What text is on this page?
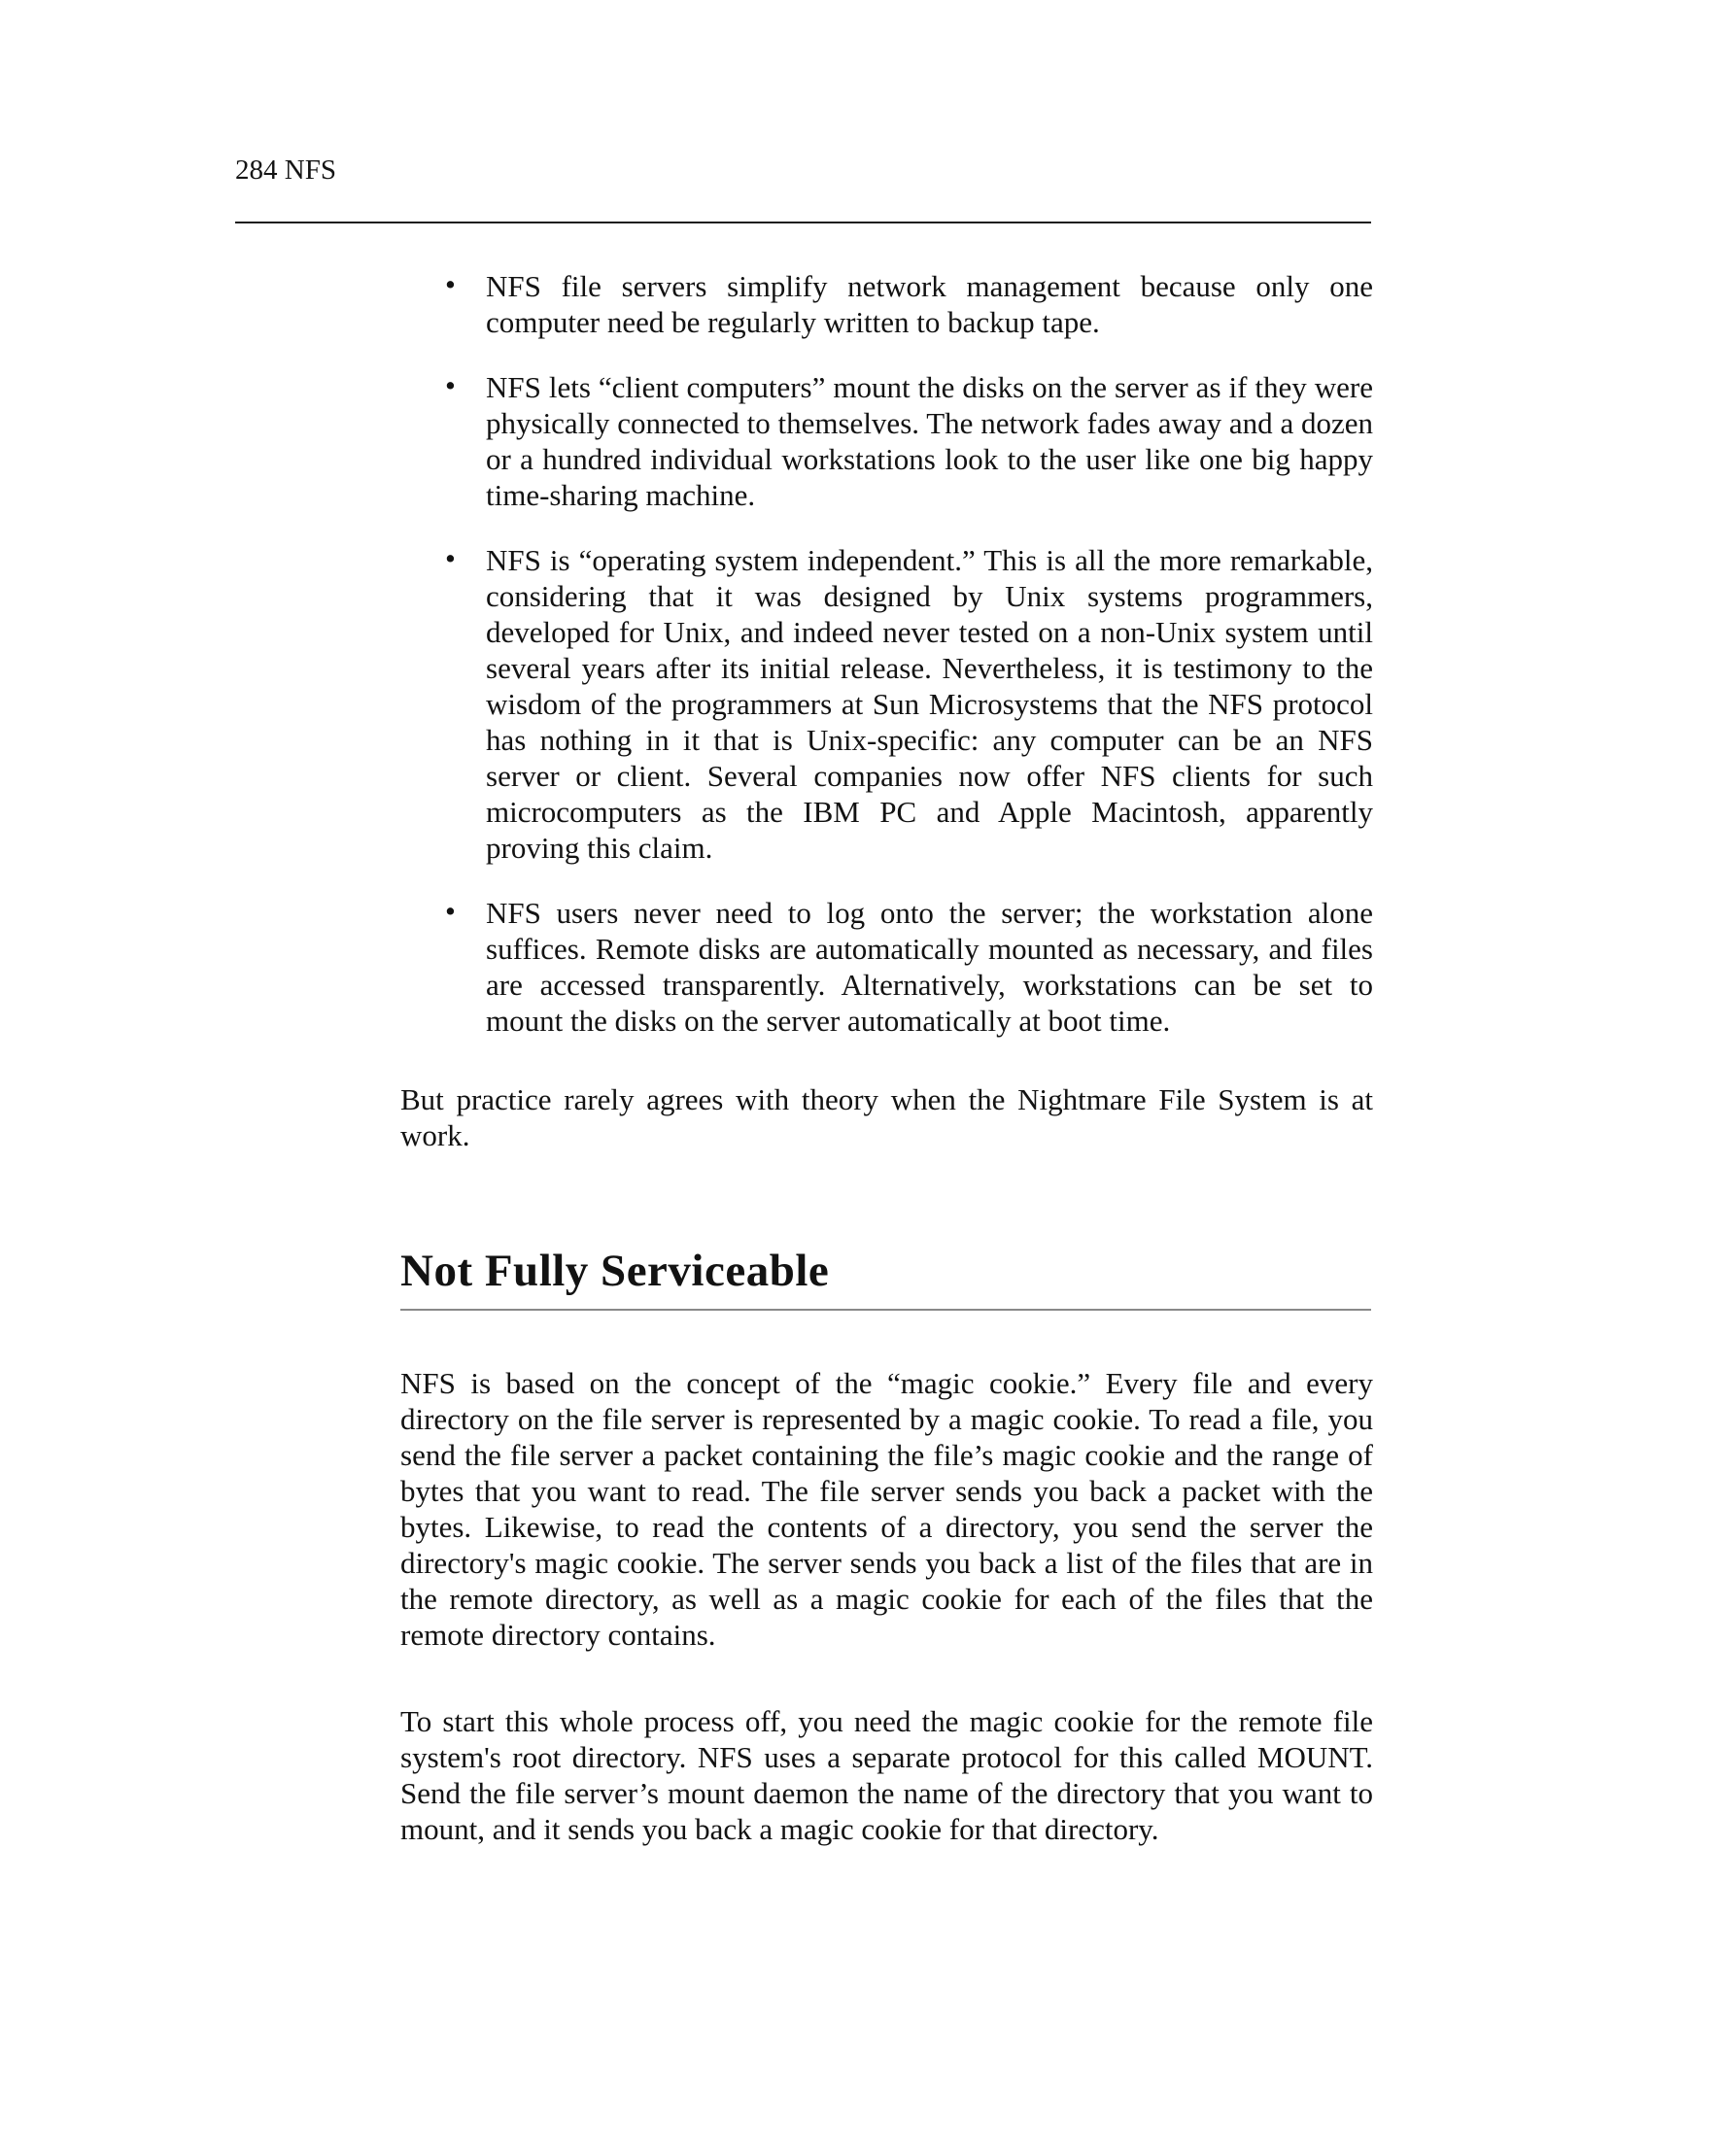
284 NFS
• NFS file servers simplify network management because only one computer need be regularly written to backup tape.
• NFS lets “client computers” mount the disks on the server as if they were physically connected to themselves. The network fades away and a dozen or a hundred individual workstations look to the user like one big happy time-sharing machine.
• NFS is “operating system independent.” This is all the more remarkable, considering that it was designed by Unix systems programmers, developed for Unix, and indeed never tested on a non-Unix system until several years after its initial release. Nevertheless, it is testimony to the wisdom of the programmers at Sun Microsystems that the NFS protocol has nothing in it that is Unix-specific: any computer can be an NFS server or client. Several companies now offer NFS clients for such microcomputers as the IBM PC and Apple Macintosh, apparently proving this claim.
• NFS users never need to log onto the server; the workstation alone suffices. Remote disks are automatically mounted as necessary, and files are accessed transparently. Alternatively, workstations can be set to mount the disks on the server automatically at boot time.

But practice rarely agrees with theory when the Nightmare File System is at work.

Not Fully Serviceable

NFS is based on the concept of the “magic cookie.” Every file and every directory on the file server is represented by a magic cookie. To read a file, you send the file server a packet containing the file’s magic cookie and the range of bytes that you want to read. The file server sends you back a packet with the bytes. Likewise, to read the contents of a directory, you send the server the directory's magic cookie. The server sends you back a list of the files that are in the remote directory, as well as a magic cookie for each of the files that the remote directory contains.

To start this whole process off, you need the magic cookie for the remote file system's root directory. NFS uses a separate protocol for this called MOUNT. Send the file server’s mount daemon the name of the directory that you want to mount, and it sends you back a magic cookie for that directory.
